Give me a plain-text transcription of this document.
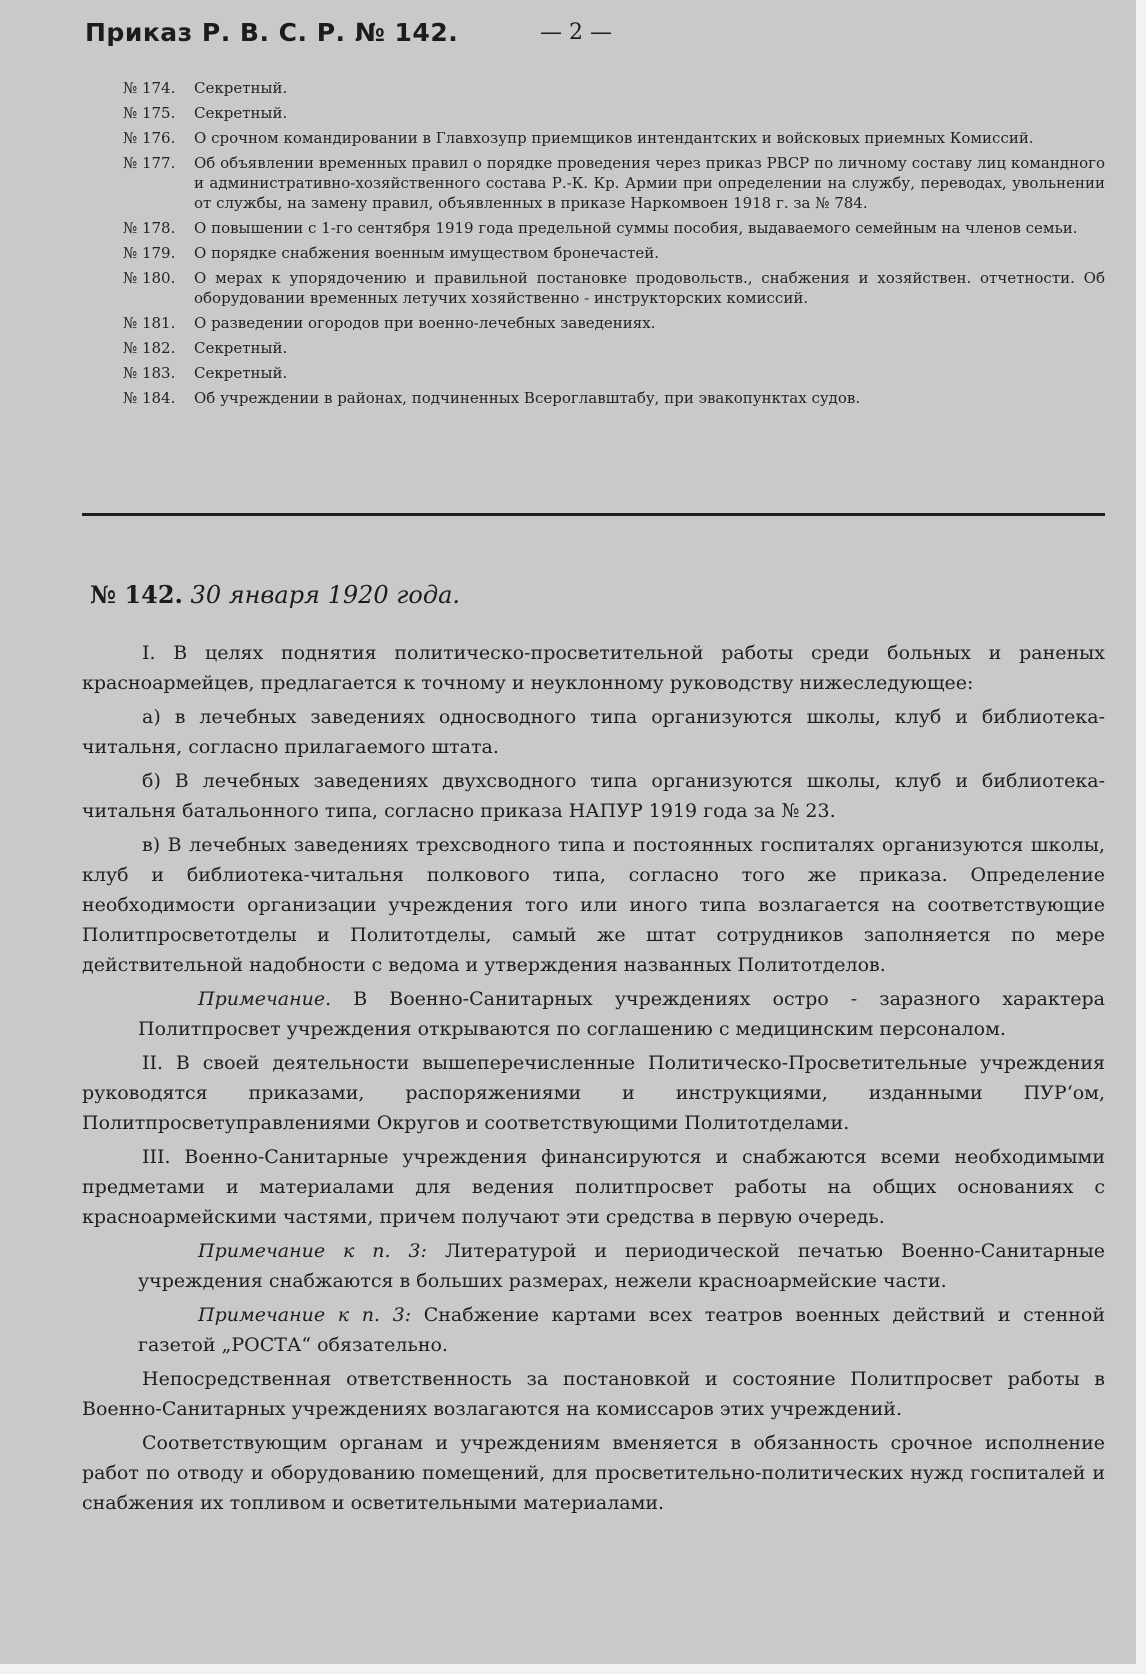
Приказ Р. В. С. Р. № 142.	— 2 —
№ 174.	Секретный.
№ 175.	Секретный.
№ 176.	О срочном командировании в Главхозупр приемщиков интендантских и войсковых приемных Комиссий.
№ 177.	Об объявлении временных правил о порядке проведения через приказ РВСР по личному составу лиц командного и административно-хозяйственного состава Р.-К. Кр. Армии при определении на службу, переводах, увольнении от службы, на замену правил, объявленных в приказе Наркомвоен 1918 г. за № 784.
№ 178.	О повышении с 1-го сентября 1919 года предельной суммы пособия, выдаваемого семейным на членов семьи.
№ 179.	О порядке снабжения военным имуществом бронечастей.
№ 180.	О мерах к упорядочению и правильной постановке продовольств., снабжения и хозяйствен. отчетности. Об оборудовании временных летучих хозяйственно - инструкторских комиссий.
№ 181.	О разведении огородов при военно-лечебных заведениях.
№ 182.	Секретный.
№ 183.	Секретный.
№ 184.	Об учреждении в районах, подчиненных Всероглавштабу, при эвакопунктах судов.
№ 142. 30 января 1920 года.

I. В целях поднятия политическо-просветительной работы среди больных и раненых красноармейцев, предлагается к точному и неуклонному руководству нижеследующее:

а) в лечебных заведениях односводного типа организуются школы, клуб и библиотека-читальня, согласно прилагаемого штата.

б) В лечебных заведениях двухсводного типа организуются школы, клуб и библиотека-читальня батальонного типа, согласно приказа НАПУР 1919 года за № 23.

в) В лечебных заведениях трехсводного типа и постоянных госпиталях организуются школы, клуб и библиотека-читальня полкового типа, согласно того же приказа. Определение необходимости организации учреждения того или иного типа возлагается на соответствующие Политпросветотделы и Политотделы, самый же штат сотрудников заполняется по мере действительной надобности с ведома и утверждения названных Политотделов.

Примечание. В Военно-Санитарных учреждениях остро - заразного характера Политпросвет учреждения открываются по соглашению с медицинским персоналом.

II. В своей деятельности вышеперечисленные Политическо-Просветительные учреждения руководятся приказами, распоряжениями и инструкциями, изданными ПУР‘ом, Политпросветуправлениями Округов и соответствующими Политотделами.

III. Военно-Санитарные учреждения финансируются и снабжаются всеми необходимыми предметами и материалами для ведения политпросвет работы на общих основаниях с красноармейскими частями, причем получают эти средства в первую очередь.

Примечание к п. 3: Литературой и периодической печатью Военно-Санитарные учреждения снабжаются в больших размерах, нежели красноармейские части.

Примечание к п. 3: Снабжение картами всех театров военных действий и стенной газетой „РОСТА“ обязательно.

Непосредственная ответственность за постановкой и состояние Политпросвет работы в Военно-Санитарных учреждениях возлагаются на комиссаров этих учреждений.

Соответствующим органам и учреждениям вменяется в обязанность срочное исполнение работ по отводу и оборудованию помещений, для просветительно-политических нужд госпиталей и снабжения их топливом и осветительными материалами.
